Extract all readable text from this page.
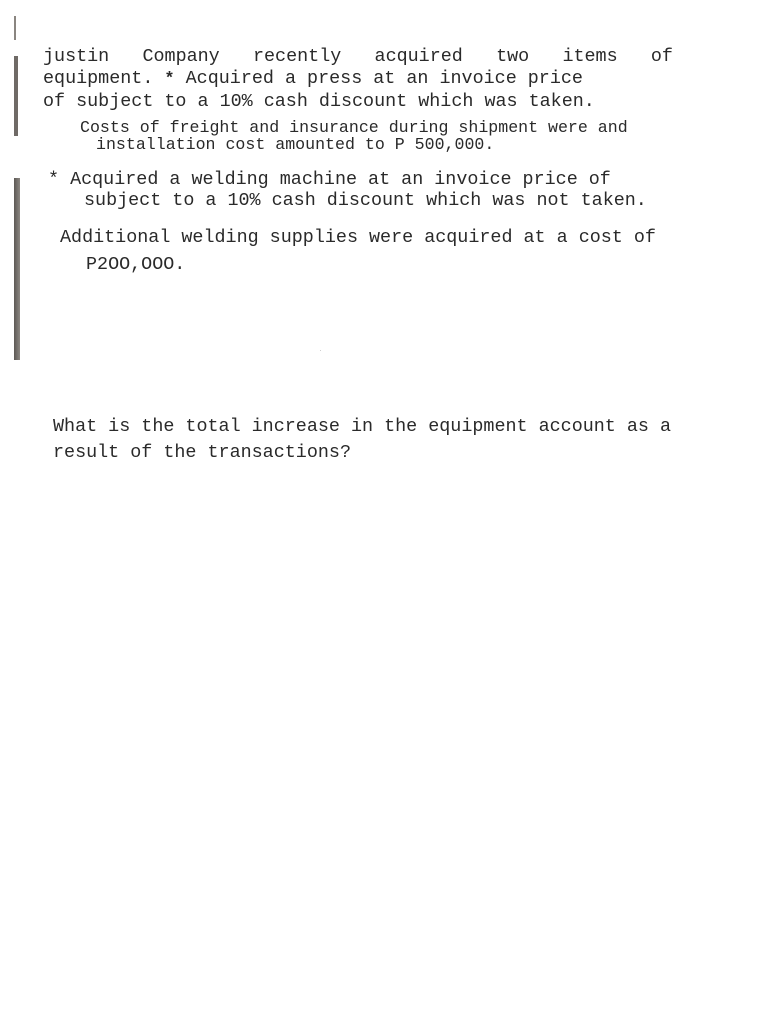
justin Company recently acquired two items of
equipment. * Acquired a press at an invoice price
of subject to a 10% cash discount which was taken.
Costs of freight and insurance during shipment were and
installation cost amounted to P 500,000.
* Acquired a welding machine at an invoice price of
subject to a 10% cash discount which was not taken.
Additional welding supplies were acquired at a cost of
P2OO,OOO.
What is the total increase in the equipment account as a
result of the transactions?
